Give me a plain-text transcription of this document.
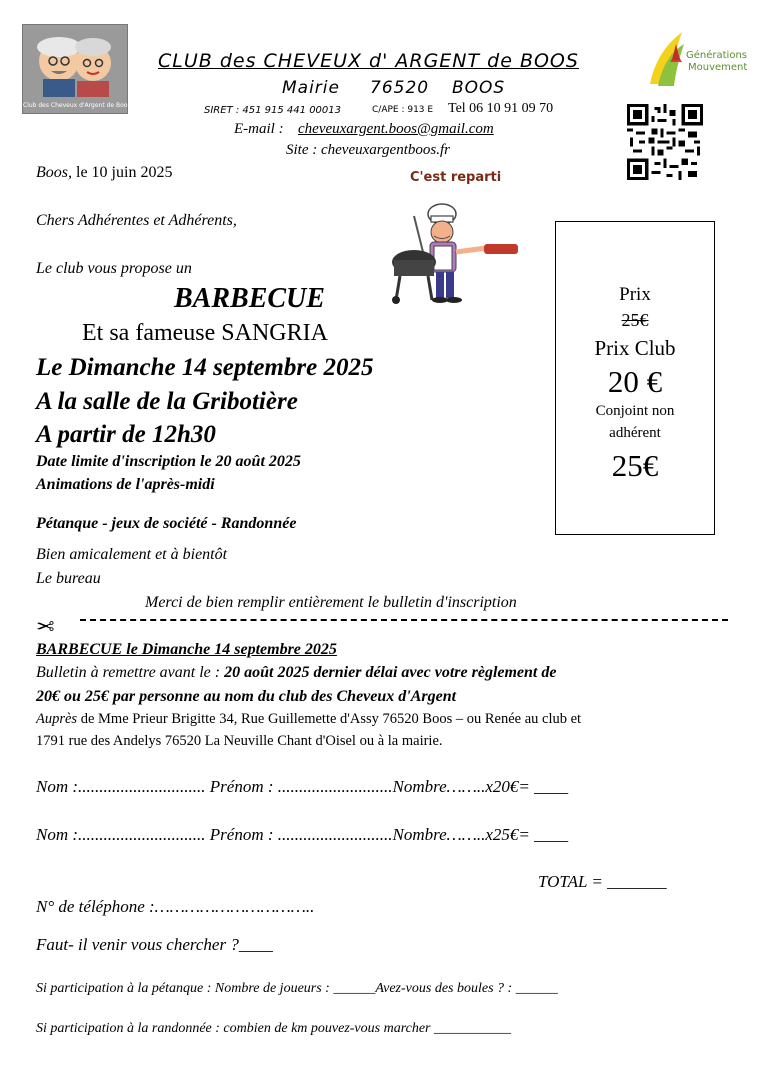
Club des Cheveux d'Argent de Boos
CLUB des CHEVEUX d' ARGENT de BOOS
Mairie 76520 BOOS
SIRET : 451 915 441 00013	C/APE : 913 E Tel 06 10 91 09 70
E-mail : cheveuxargent.boos@gmail.com
Site : cheveuxargentboos.fr
Générations
Mouvement
Boos, le 10 juin 2025	C'est reparti
Chers Adhérentes et Adhérents,
Le club vous propose un
BARBECUE
Et sa fameuse SANGRIA
Le Dimanche 14 septembre 2025
A la salle de la Gribotière
A partir de 12h30
Date limite d'inscription le 20 août 2025
Animations de l'après-midi
Pétanque - jeux de société - Randonnée
Bien amicalement et à bientôt
Le bureau
Merci de bien remplir entièrement le bulletin d'inscription
Prix
25€
Prix Club
20 €
Conjoint non
adhérent
25€
✂
BARBECUE le Dimanche 14 septembre 2025
Bulletin à remettre avant le : 20 août 2025 dernier délai avec votre règlement de
20€ ou 25€ par personne au nom du club des Cheveux d'Argent
Auprès de Mme Prieur Brigitte 34, Rue Guillemette d'Assy 76520 Boos – ou Renée au club et
1791 rue des Andelys 76520 La Neuville Chant d'Oisel ou à la mairie.
Nom :.............................. Prénom : ...........................Nombre……..x20€= ____
Nom :.............................. Prénom : ...........................Nombre……..x25€= ____
TOTAL = _______
N° de téléphone :…………………………..
Faut- il venir vous chercher ?____
Si participation à la pétanque : Nombre de joueurs : ______Avez-vous des boules ? : ______
Si participation à la randonnée : combien de km pouvez-vous marcher ___________
